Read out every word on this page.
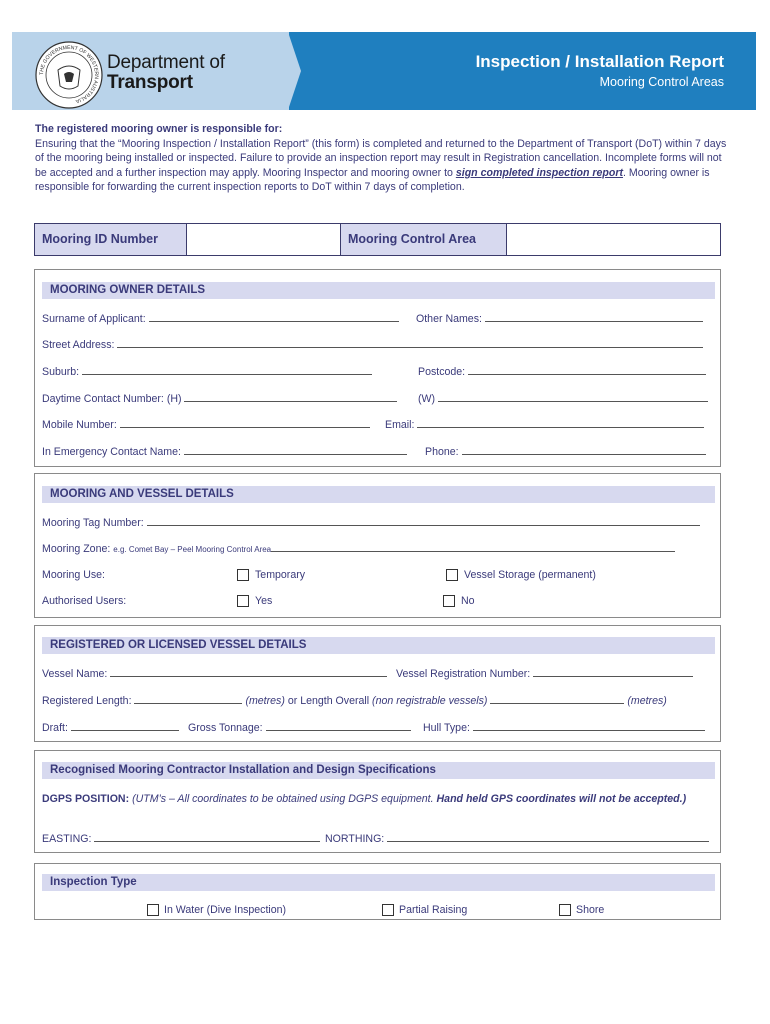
THE GOVERNMENT OF WESTERN AUSTRALIA
Department of
Transport
Inspection / Installation Report
Mooring Control Areas
The registered mooring owner is responsible for:
Ensuring that the “Mooring Inspection / Installation Report” (this form) is completed and returned to the Department of Transport (DoT) within 7 days of the mooring being installed or inspected. Failure to provide an inspection report may result in Registration cancellation. Incomplete forms will not be accepted and a further inspection may apply. Mooring Inspector and mooring owner to sign completed inspection report. Mooring owner is responsible for forwarding the current inspection reports to DoT within 7 days of completion.
Mooring ID Number	Mooring Control Area
MOORING OWNER DETAILS
Surname of Applicant:	Other Names:
Street Address:
Suburb:	Postcode:
Daytime Contact Number: (H)	(W)
Mobile Number:	Email:
In Emergency Contact Name:	Phone:
MOORING AND VESSEL DETAILS
Mooring Tag Number:
Mooring Zone: e.g. Comet Bay – Peel Mooring Control Area
Mooring Use:	Temporary	Vessel Storage (permanent)
Authorised Users:	Yes	No
REGISTERED OR LICENSED VESSEL DETAILS
Vessel Name:	Vessel Registration Number:
Registered Length:	(metres) or Length Overall (non registrable vessels)	(metres)
Draft:	Gross Tonnage:	Hull Type:
Recognised Mooring Contractor Installation and Design Specifications
DGPS POSITION: (UTM’s – All coordinates to be obtained using DGPS equipment. Hand held GPS coordinates will not be accepted.)
EASTING:	NORTHING:
Inspection Type
In Water (Dive Inspection)	Partial Raising	Shore
